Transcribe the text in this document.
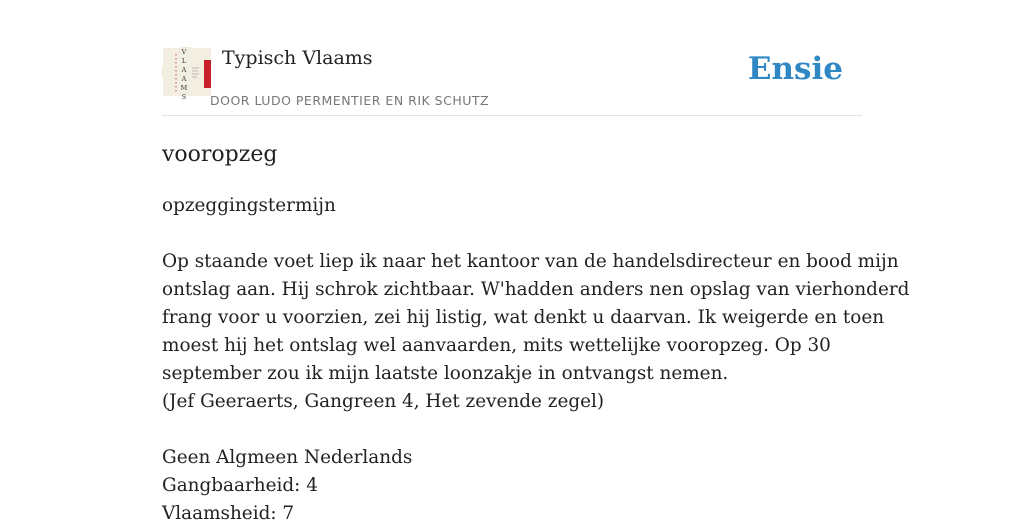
V
L
A
A
M
S
Typisch Vlaams
DOOR LUDO PERMENTIER EN RIK SCHUTZ
Ensie
vooropzeg
opzeggingstermijn
Op staande voet liep ik naar het kantoor van de handelsdirecteur en bood mijn
ontslag aan. Hij schrok zichtbaar. W'hadden anders nen opslag van vierhonderd
frang voor u voorzien, zei hij listig, wat denkt u daarvan. Ik weigerde en toen
moest hij het ontslag wel aanvaarden, mits wettelijke vooropzeg. Op 30
september zou ik mijn laatste loonzakje in ontvangst nemen.
(Jef Geeraerts, Gangreen 4, Het zevende zegel)
Geen Algmeen Nederlands
Gangbaarheid: 4
Vlaamsheid: 7
